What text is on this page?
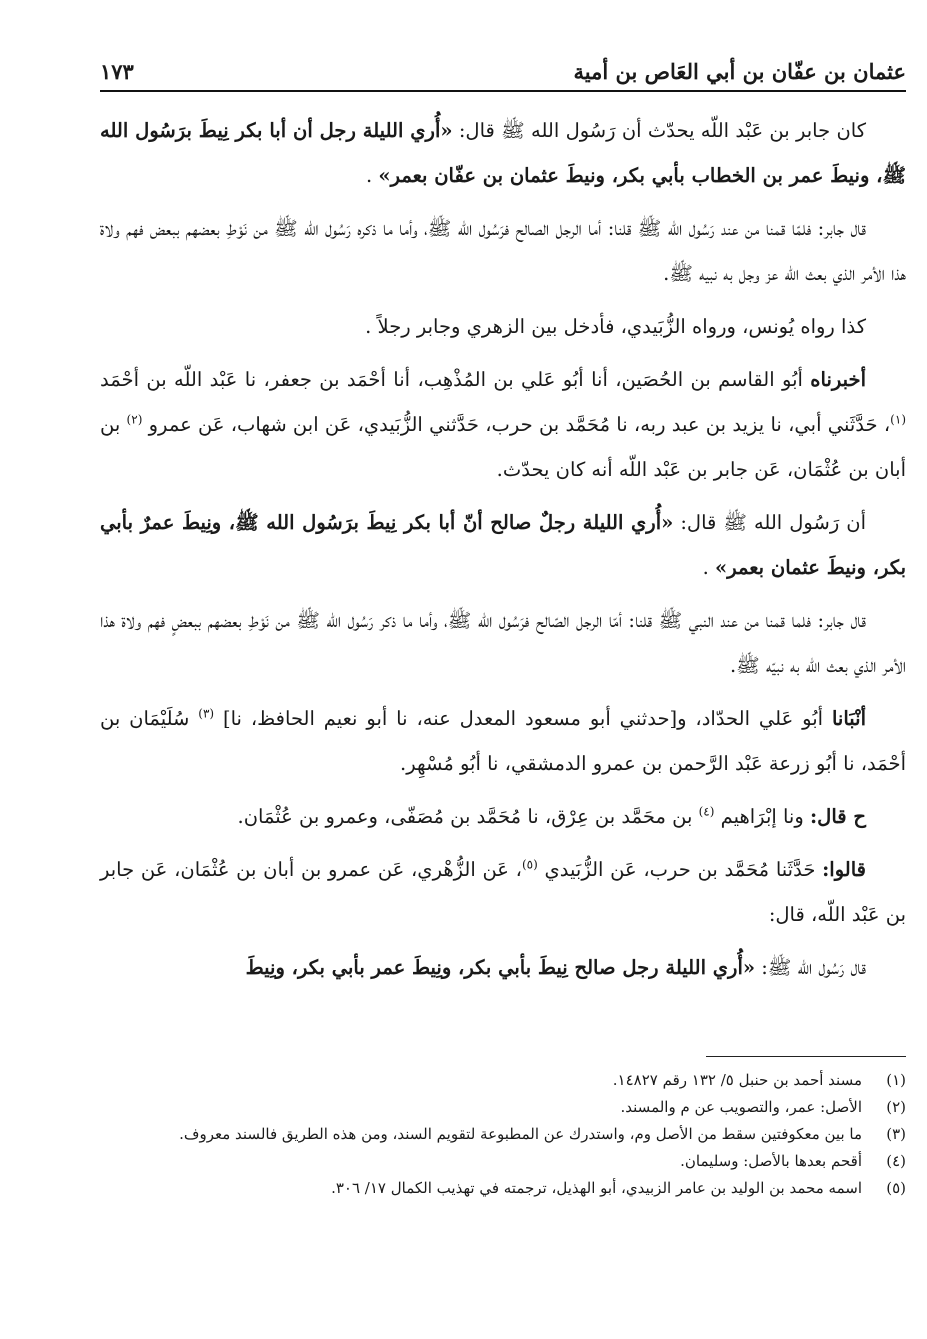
عثمان بن عفّان بن أبي العَاص بن أمية
١٧٣

كان جابر بن عَبْد اللّه يحدّث أن رَسُول الله ﷺ قال: «أُري الليلة رجل أن أبا بكر نِيطَ برَسُول الله ﷺ، ونيطَ عمر بن الخطاب بأبي بكر، ونيطَ عثمان بن عفّان بعمر» .

قال جابر: فلمّا قمنا من عند رَسُول الله ﷺ قلنا: أما الرجل الصالح فرَسُول الله ﷺ، وأما ما ذكره رَسُول الله ﷺ من نَوْطِ بعضهم ببعض فهم ولاة هذا الأمر الذي بعث الله عز وجل به نبيه ﷺ.

كذا رواه يُونس، ورواه الزُّبَيدي، فأدخل بين الزهري وجابر رجلاً .

أخبرناه أبُو القاسم بن الحُصَين، أنا أبُو عَلي بن المُذْهِب، أنا أحْمَد بن جعفر، نا عَبْد اللّه بن أحْمَد $^{(١)}$، حَدَّثَني أبي، نا يزيد بن عبد ربه، نا مُحَمَّد بن حرب، حَدَّثني الزُّبَيدي، عَن ابن شهاب، عَن عمرو $^{(٢)}$ بن أبان بن عُثْمَان، عَن جابر بن عَبْد اللّه أنه كان يحدّث.

أن رَسُول الله ﷺ قال: «أُري الليلة رجلٌ صالح أنّ أبا بكر نِيطَ برَسُول الله ﷺ، ونِيطَ عمرٌ بأبي بكر، ونيطَ عثمان بعمر» .

قال جابر: فلما قمنا من عند النبي ﷺ قلنا: أمّا الرجل الصّالح فرَسُول الله ﷺ، وأما ما ذكر رَسُول الله ﷺ من نَوْطِ بعضهم ببعضٍ فهم ولاة هذا الأمر الذي بعث الله به نبيّه ﷺ.

أنْبَانا أبُو عَلي الحدّاد، و[حدثني أبو مسعود المعدل عنه، نا أبو نعيم الحافظ، نا] $^{(٣)}$ سُلَيْمَان بن أحْمَد، نا أبُو زرعة عَبْد الرَّحمن بن عمرو الدمشقي، نا أبُو مُسْهِر.

ح قال: ونا إبْرَاهيم $^{(٤)}$ بن محَمَّد بن عِرْق، نا مُحَمَّد بن مُصَفّى، وعمرو بن عُثْمَان.

قالوا: حَدَّثَنا مُحَمَّد بن حرب، عَن الزُّبَيدي $^{(٥)}$، عَن الزُّهْري، عَن عمرو بن أبان بن عُثْمَان، عَن جابر بن عَبْد اللّه، قال:

قال رَسُول الله ﷺ: «أُري الليلة رجل صالح نِيطَ بأبي بكر، ونِيطَ عمر بأبي بكر، ونِيطَ

(١)
مسند أحمد بن حنبل ٥/ ١٣٢ رقم ١٤٨٢٧.
(٢)
الأصل: عمر، والتصويب عن م والمسند.
(٣)
ما بين معكوفتين سقط من الأصل وم، واستدرك عن المطبوعة لتقويم السند، ومن هذه الطريق فالسند معروف.
(٤)
أقحم بعدها بالأصل: وسليمان.
(٥)
اسمه محمد بن الوليد بن عامر الزبيدي، أبو الهذيل، ترجمته في تهذيب الكمال ١٧/ ٣٠٦.
